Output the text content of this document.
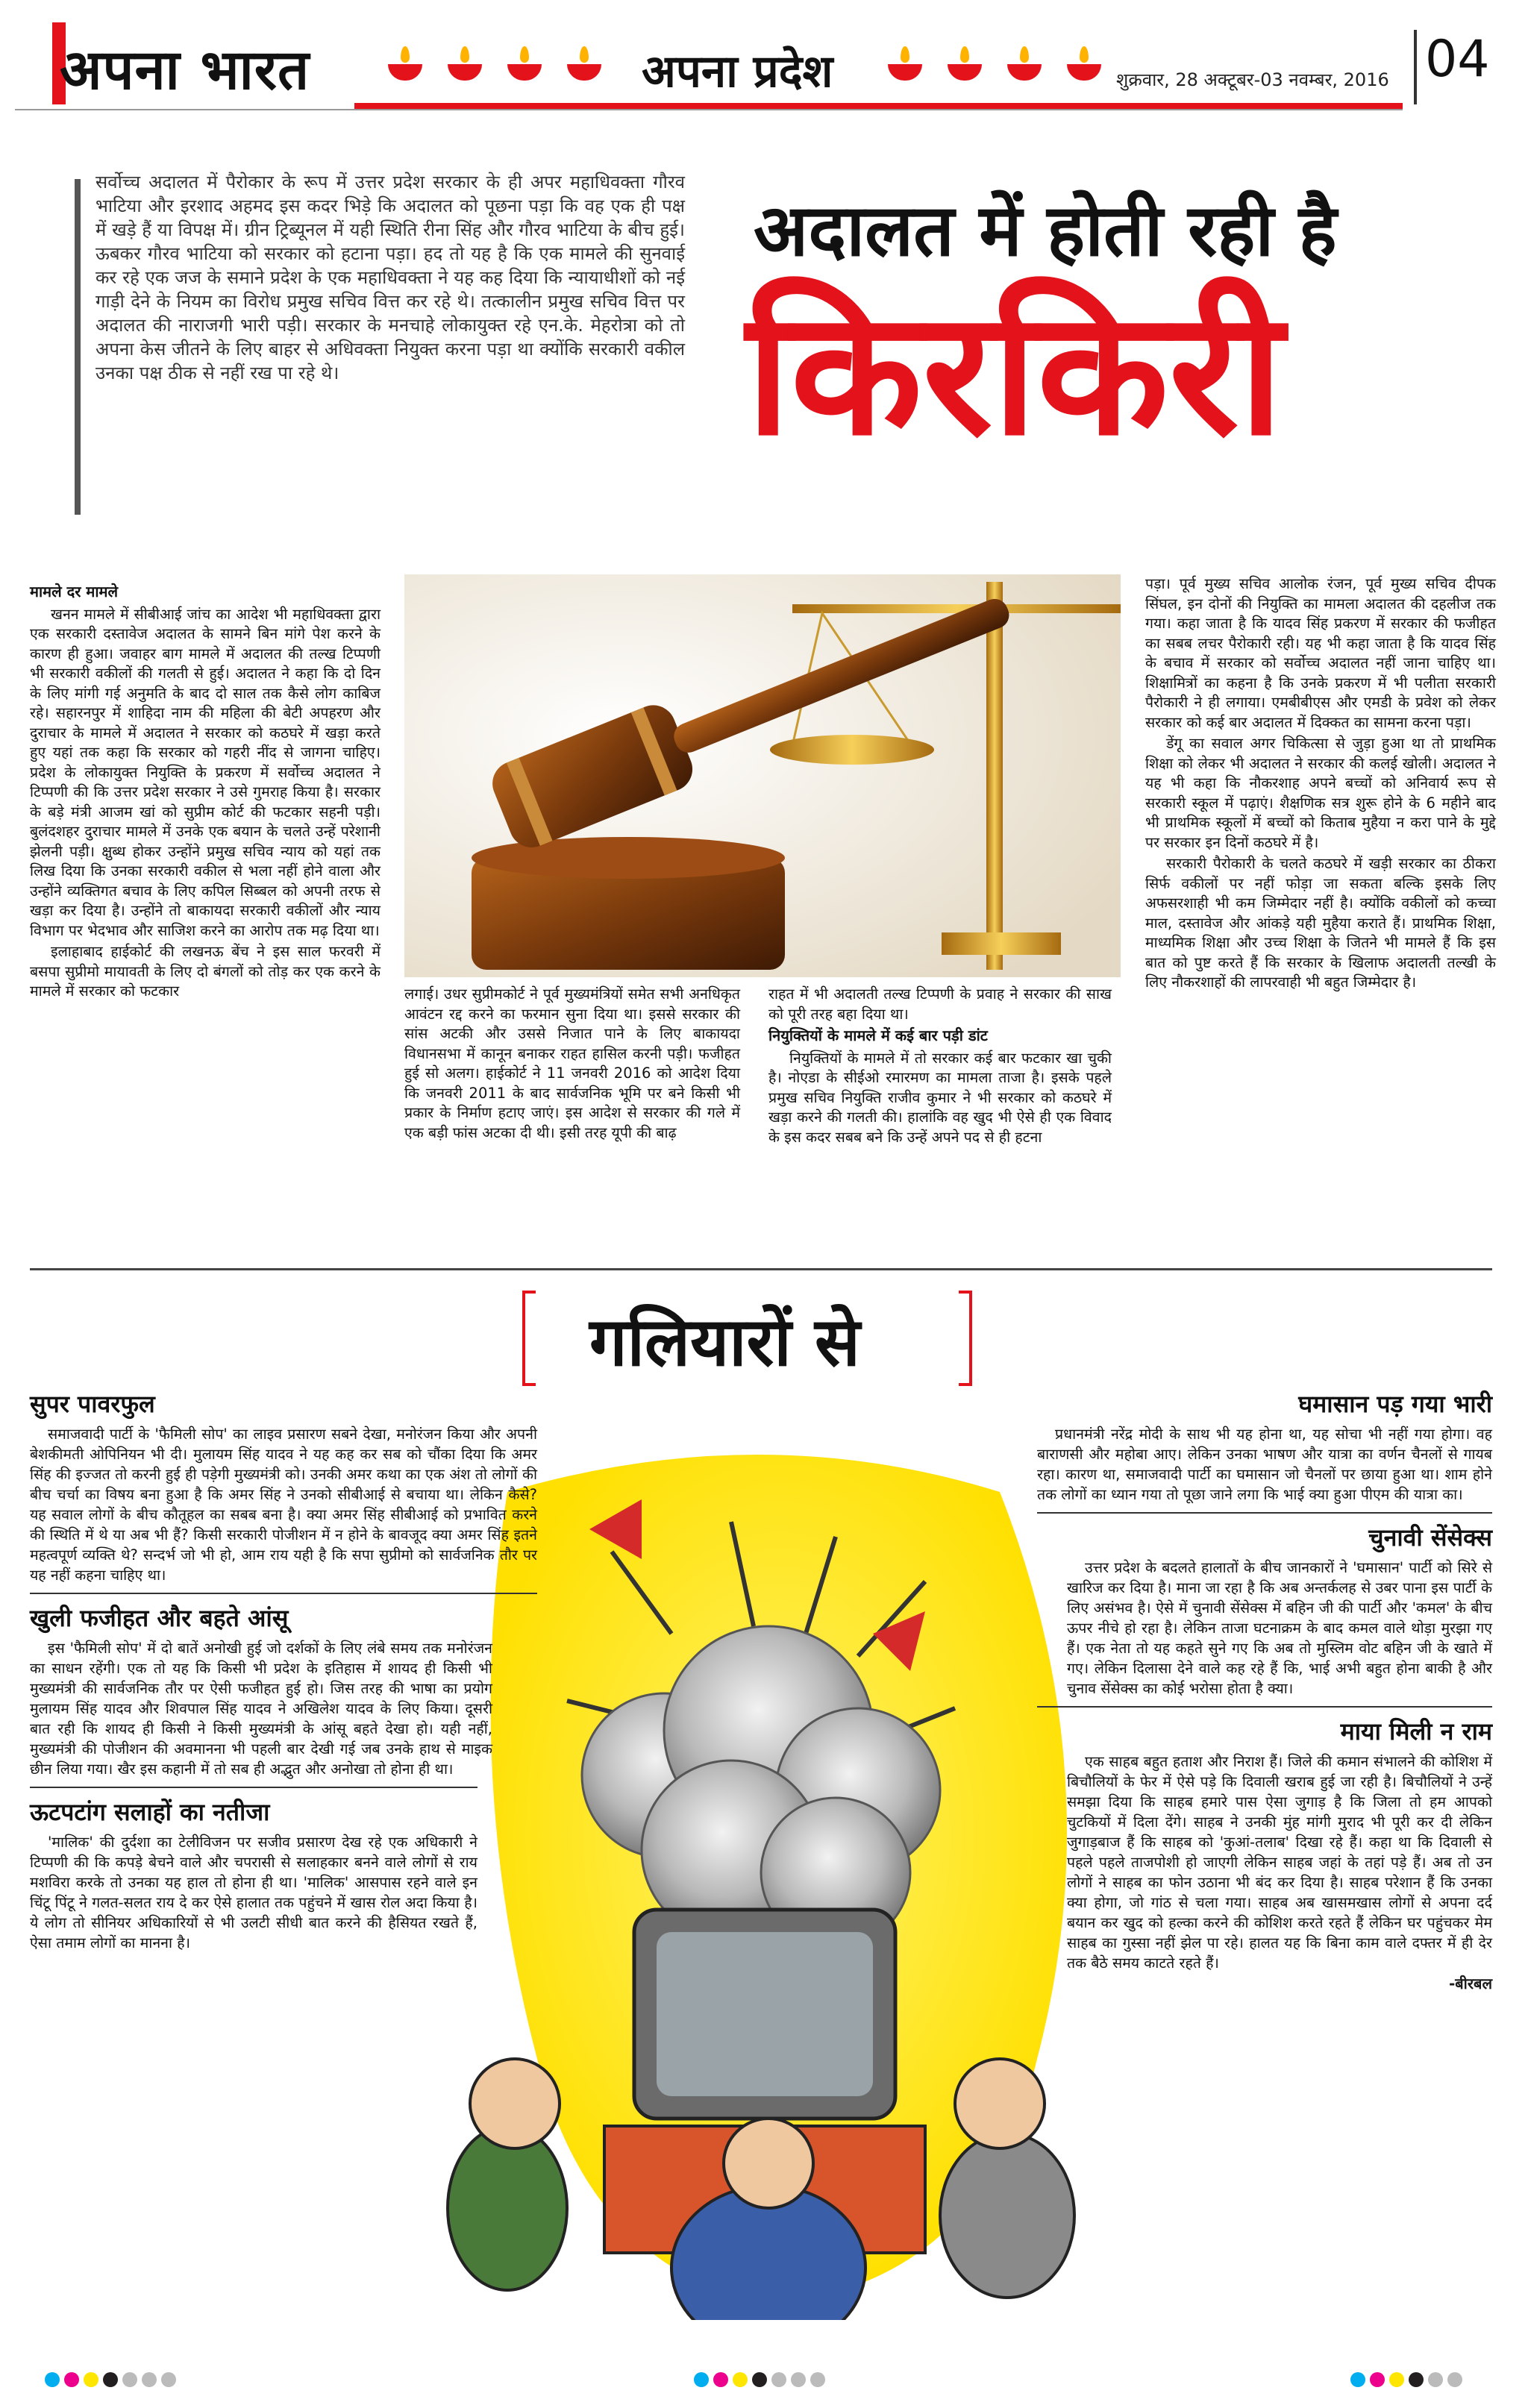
अपना भारत	अपना प्रदेश	शुक्रवार, 28 अक्टूबर-03 नवम्बर, 2016 04
सर्वोच्च अदालत में पैरोकार के रूप में उत्तर प्रदेश सरकार के ही अपर महाधिवक्ता गौरव भाटिया और इरशाद अहमद इस कदर भिड़े कि अदालत को पूछना पड़ा कि वह एक ही पक्ष में खड़े हैं या विपक्ष में। ग्रीन ट्रिब्यूनल में यही स्थिति रीना सिंह और गौरव भाटिया के बीच हुई। ऊबकर गौरव भाटिया को सरकार को हटाना पड़ा। हद तो यह है कि एक मामले की सुनवाई कर रहे एक जज के समाने प्रदेश के एक महाधिवक्ता ने यह कह दिया कि न्यायाधीशों को नई गाड़ी देने के नियम का विरोध प्रमुख सचिव वित्त कर रहे थे। तत्कालीन प्रमुख सचिव वित्त पर अदालत की नाराजगी भारी पड़ी। सरकार के मनचाहे लोकायुक्त रहे एन.के. मेहरोत्रा को तो अपना केस जीतने के लिए बाहर से अधिवक्ता नियुक्त करना पड़ा था क्योंकि सरकारी वकील उनका पक्ष ठीक से नहीं रख पा रहे थे।
अदालत में होती रही है
किरकिरी

मामले दर मामले

खनन मामले में सीबीआई जांच का आदेश भी महाधिवक्ता द्वारा एक सरकारी दस्तावेज अदालत के सामने बिन मांगे पेश करने के कारण ही हुआ। जवाहर बाग मामले में अदालत की तल्ख टिप्पणी भी सरकारी वकीलों की गलती से हुई। अदालत ने कहा कि दो दिन के लिए मांगी गई अनुमति के बाद दो साल तक कैसे लोग काबिज रहे। सहारनपुर में शाहिदा नाम की महिला की बेटी अपहरण और दुराचार के मामले में अदालत ने सरकार को कठघरे में खड़ा करते हुए यहां तक कहा कि सरकार को गहरी नींद से जागना चाहिए। प्रदेश के लोकायुक्त नियुक्ति के प्रकरण में सर्वोच्च अदालत ने टिप्पणी की कि उत्तर प्रदेश सरकार ने उसे गुमराह किया है। सरकार के बड़े मंत्री आजम खां को सुप्रीम कोर्ट की फटकार सहनी पड़ी। बुलंदशहर दुराचार मामले में उनके एक बयान के चलते उन्हें परेशानी झेलनी पड़ी। क्षुब्ध होकर उन्होंने प्रमुख सचिव न्याय को यहां तक लिख दिया कि उनका सरकारी वकील से भला नहीं होने वाला और उन्होंने व्यक्तिगत बचाव के लिए कपिल सिब्बल को अपनी तरफ से खड़ा कर दिया है। उन्होंने तो बाकायदा सरकारी वकीलों और न्याय विभाग पर भेदभाव और साजिश करने का आरोप तक मढ़ दिया था।

इलाहाबाद हाईकोर्ट की लखनऊ बेंच ने इस साल फरवरी में बसपा सुप्रीमो मायावती के लिए दो बंगलों को तोड़ कर एक करने के मामले में सरकार को फटकार	लगाई। उधर सुप्रीमकोर्ट ने पूर्व मुख्यमंत्रियों समेत सभी अनधिकृत आवंटन रद्द करने का फरमान सुना दिया था। इससे सरकार की सांस अटकी और उससे निजात पाने के लिए बाकायदा विधानसभा में कानून बनाकर राहत हासिल करनी पड़ी। फजीहत हुई सो अलग। हाईकोर्ट ने 11 जनवरी 2016 को आदेश दिया कि जनवरी 2011 के बाद सार्वजनिक भूमि पर बने किसी भी प्रकार के निर्माण हटाए जाएं। इस आदेश से सरकार की गले में एक बड़ी फांस अटका दी थी। इसी तरह यूपी की बाढ़

राहत में भी अदालती तल्ख टिप्पणी के प्रवाह ने सरकार की साख को पूरी तरह बहा दिया था।

नियुक्तियों के मामले में कई बार पड़ी डांट

नियुक्तियों के मामले में तो सरकार कई बार फटकार खा चुकी है। नोएडा के सीईओ रमारमण का मामला ताजा है। इसके पहले प्रमुख सचिव नियुक्ति राजीव कुमार ने भी सरकार को कठघरे में खड़ा करने की गलती की। हालांकि वह खुद भी ऐसे ही एक विवाद के इस कदर सबब बने कि उन्हें अपने पद से ही हटना

पड़ा। पूर्व मुख्य सचिव आलोक रंजन, पूर्व मुख्य सचिव दीपक सिंघल, इन दोनों की नियुक्ति का मामला अदालत की दहलीज तक गया। कहा जाता है कि यादव सिंह प्रकरण में सरकार की फजीहत का सबब लचर पैरोकारी रही। यह भी कहा जाता है कि यादव सिंह के बचाव में सरकार को सर्वोच्च अदालत नहीं जाना चाहिए था। शिक्षामित्रों का कहना है कि उनके प्रकरण में भी पलीता सरकारी पैरोकारी ने ही लगाया। एमबीबीएस और एमडी के प्रवेश को लेकर सरकार को कई बार अदालत में दिक्कत का सामना करना पड़ा।

डेंगू का सवाल अगर चिकित्सा से जुड़ा हुआ था तो प्राथमिक शिक्षा को लेकर भी अदालत ने सरकार की कलई खोली। अदालत ने यह भी कहा कि नौकरशाह अपने बच्चों को अनिवार्य रूप से सरकारी स्कूल में पढ़ाएं। शैक्षणिक सत्र शुरू होने के 6 महीने बाद भी प्राथमिक स्कूलों में बच्चों को किताब मुहैया न करा पाने के मुद्दे पर सरकार इन दिनों कठघरे में है।

सरकारी पैरोकारी के चलते कठघरे में खड़ी सरकार का ठीकरा सिर्फ वकीलों पर नहीं फोड़ा जा सकता बल्कि इसके लिए अफसरशाही भी कम जिम्मेदार नहीं है। क्योंकि वकीलों को कच्चा माल, दस्तावेज और आंकड़े यही मुहैया कराते हैं। प्राथमिक शिक्षा, माध्यमिक शिक्षा और उच्च शिक्षा के जितने भी मामले हैं कि इस बात को पुष्ट करते हैं कि सरकार के खिलाफ अदालती तल्खी के लिए नौकरशाहों की लापरवाही भी बहुत जिम्मेदार है।

गलियारों से
सुपर पावरफुल

समाजवादी पार्टी के 'फैमिली सोप' का लाइव प्रसारण सबने देखा, मनोरंजन किया और अपनी बेशकीमती ओपिनियन भी दी। मुलायम सिंह यादव ने यह कह कर सब को चौंका दिया कि अमर सिंह की इज्जत तो करनी हुई ही पड़ेगी मुख्यमंत्री को। उनकी अमर कथा का एक अंश तो लोगों की बीच चर्चा का विषय बना हुआ है कि अमर सिंह ने उनको सीबीआई से बचाया था। लेकिन कैसे? यह सवाल लोगों के बीच कौतूहल का सबब बना है। क्या अमर सिंह सीबीआई को प्रभावित करने की स्थिति में थे या अब भी हैं? किसी सरकारी पोजीशन में न होने के बावजूद क्या अमर सिंह इतने महत्वपूर्ण व्यक्ति थे? सन्दर्भ जो भी हो, आम राय यही है कि सपा सुप्रीमो को सार्वजनिक तौर पर यह नहीं कहना चाहिए था।

खुली फजीहत और बहते आंसू

इस 'फैमिली सोप' में दो बातें अनोखी हुई जो दर्शकों के लिए लंबे समय तक मनोरंजन का साधन रहेंगी। एक तो यह कि किसी भी प्रदेश के इतिहास में शायद ही किसी भी मुख्यमंत्री की सार्वजनिक तौर पर ऐसी फजीहत हुई हो। जिस तरह की भाषा का प्रयोग मुलायम सिंह यादव और शिवपाल सिंह यादव ने अखिलेश यादव के लिए किया। दूसरी बात रही कि शायद ही किसी ने किसी मुख्यमंत्री के आंसू बहते देखा हो। यही नहीं, मुख्यमंत्री की पोजीशन की अवमानना भी पहली बार देखी गई जब उनके हाथ से माइक छीन लिया गया। खैर इस कहानी में तो सब ही अद्भुत और अनोखा तो होना ही था।

ऊटपटांग सलाहों का नतीजा

'मालिक' की दुर्दशा का टेलीविजन पर सजीव प्रसारण देख रहे एक अधिकारी ने टिप्पणी की कि कपड़े बेचने वाले और चपरासी से सलाहकार बनने वाले लोगों से राय मशविरा करके तो उनका यह हाल तो होना ही था। 'मालिक' आसपास रहने वाले इन चिंटू पिंटू ने गलत-सलत राय दे कर ऐसे हालात तक पहुंचने में खास रोल अदा किया है। ये लोग तो सीनियर अधिकारियों से भी उलटी सीधी बात करने की हैसियत रखते हैं, ऐसा तमाम लोगों का मानना है।

घमासान पड़ गया भारी

प्रधानमंत्री नरेंद्र मोदी के साथ भी यह होना था, यह सोचा भी नहीं गया होगा। वह बाराणसी और महोबा आए। लेकिन उनका भाषण और यात्रा का वर्णन चैनलों से गायब रहा। कारण था, समाजवादी पार्टी का घमासान जो चैनलों पर छाया हुआ था। शाम होने तक लोगों का ध्यान गया तो पूछा जाने लगा कि भाई क्या हुआ पीएम की यात्रा का।

चुनावी सेंसेक्स

उत्तर प्रदेश के बदलते हालातों के बीच जानकारों ने 'घमासान' पार्टी को सिरे से खारिज कर दिया है। माना जा रहा है कि अब अन्तर्कलह से उबर पाना इस पार्टी के लिए असंभव है। ऐसे में चुनावी सेंसेक्स में बहिन जी की पार्टी और 'कमल' के बीच ऊपर नीचे हो रहा है। लेकिन ताजा घटनाक्रम के बाद कमल वाले थोड़ा मुरझा गए हैं। एक नेता तो यह कहते सुने गए कि अब तो मुस्लिम वोट बहिन जी के खाते में गए। लेकिन दिलासा देने वाले कह रहे हैं कि, भाई अभी बहुत होना बाकी है और चुनाव सेंसेक्स का कोई भरोसा होता है क्या।

माया मिली न राम

एक साहब बहुत हताश और निराश हैं। जिले की कमान संभालने की कोशिश में बिचौलियों के फेर में ऐसे पड़े कि दिवाली खराब हुई जा रही है। बिचौलियों ने उन्हें समझा दिया कि साहब हमारे पास ऐसा जुगाड़ है कि जिला तो हम आपको चुटकियों में दिला देंगे। साहब ने उनकी मुंह मांगी मुराद भी पूरी कर दी लेकिन जुगाड़बाज हैं कि साहब को 'कुआं-तलाब' दिखा रहे हैं। कहा था कि दिवाली से पहले पहले ताजपोशी हो जाएगी लेकिन साहब जहां के तहां पड़े हैं। अब तो उन लोगों ने साहब का फोन उठाना भी बंद कर दिया है। साहब परेशान हैं कि उनका क्या होगा, जो गांठ से चला गया। साहब अब खासमखास लोगों से अपना दर्द बयान कर खुद को हल्का करने की कोशिश करते रहते हैं लेकिन घर पहुंचकर मेम साहब का गुस्सा नहीं झेल पा रहे। हालत यह कि बिना काम वाले दफ्तर में ही देर तक बैठे समय काटते रहते हैं।

-बीरबल
